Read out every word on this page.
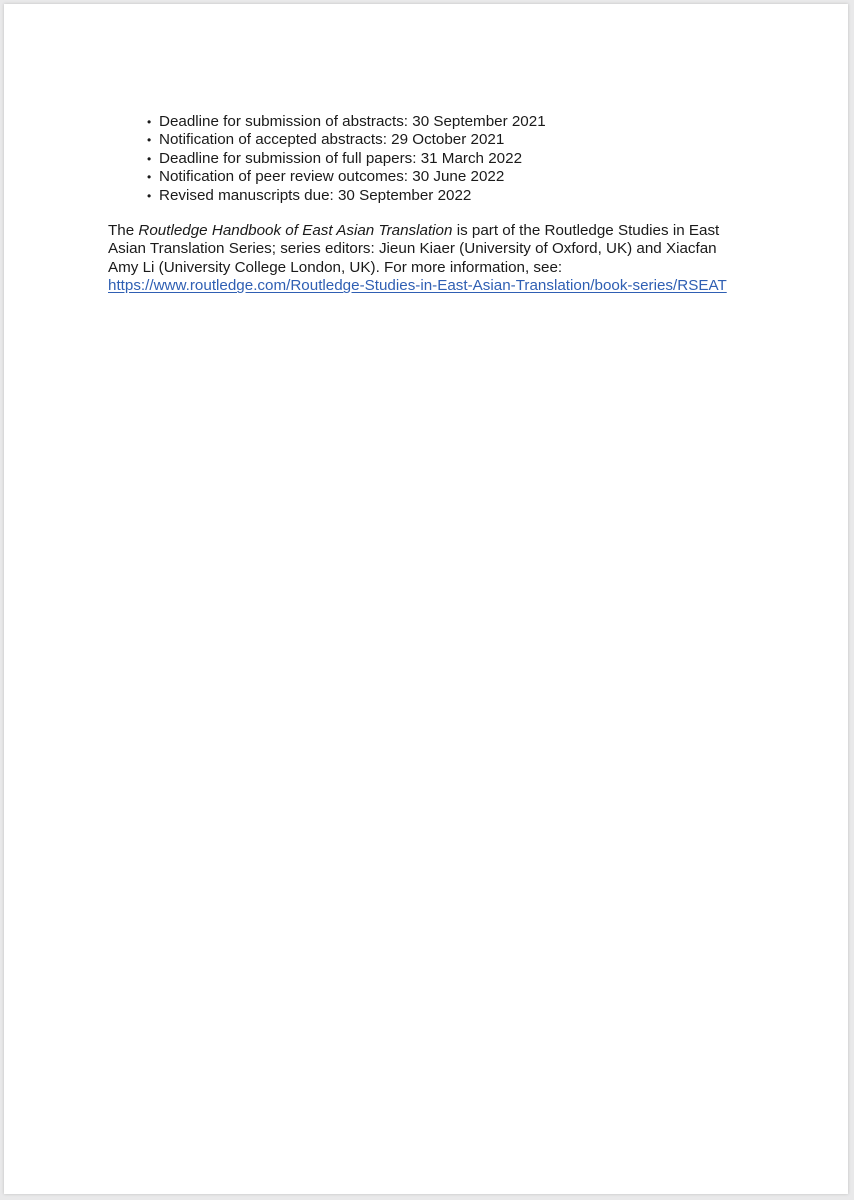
• Deadline for submission of abstracts: 30 September 2021
• Notification of accepted abstracts: 29 October 2021
• Deadline for submission of full papers: 31 March 2022
• Notification of peer review outcomes: 30 June 2022
• Revised manuscripts due: 30 September 2022

The Routledge Handbook of East Asian Translation is part of the Routledge Studies in East
Asian Translation Series; series editors: Jieun Kiaer (University of Oxford, UK) and Xiacfan
Amy Li (University College London, UK). For more information, see:
https://www.routledge.com/Routledge-Studies-in-East-Asian-Translation/book-series/RSEAT
